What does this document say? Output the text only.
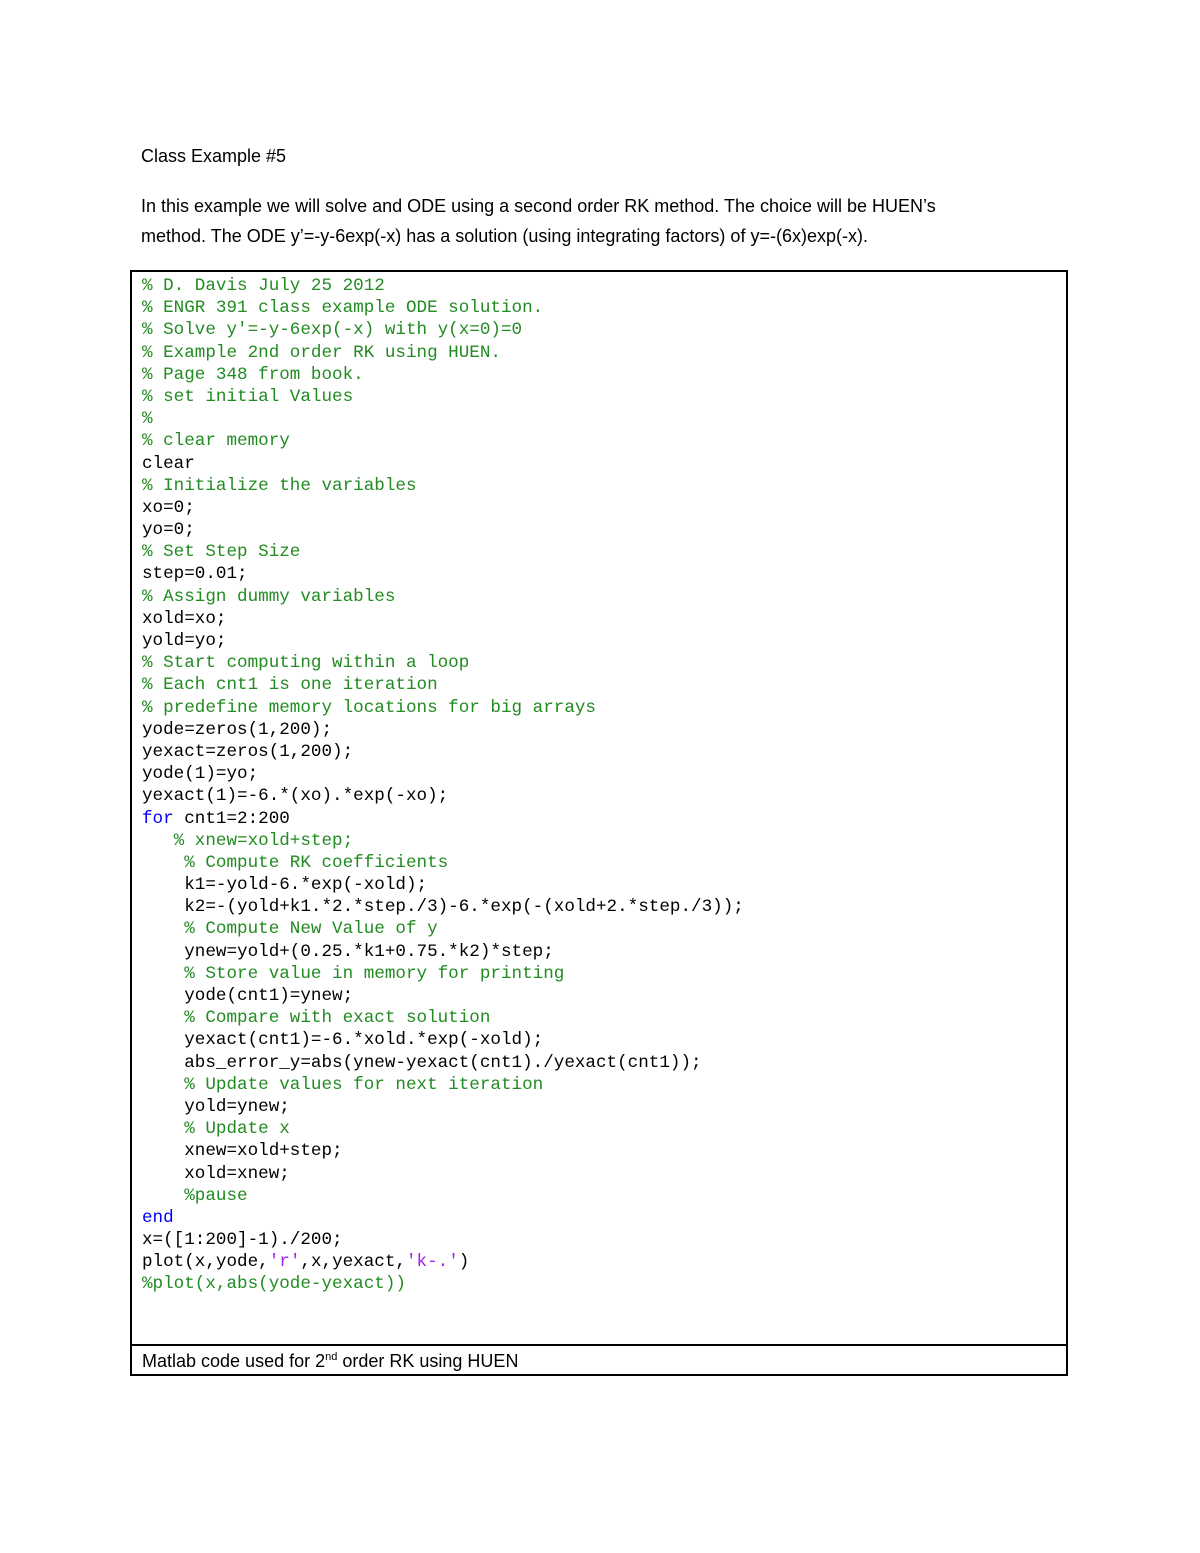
Class Example #5

In this example we will solve and ODE using a second order RK method. The choice will be HUEN’s

method. The ODE y’=-y-6exp(-x) has a solution (using integrating factors) of y=-(6x)exp(-x).

% D. Davis July 25 2012
% ENGR 391 class example ODE solution.
% Solve y'=-y-6exp(-x) with y(x=0)=0
% Example 2nd order RK using HUEN.
% Page 348 from book.
% set initial Values
%
% clear memory
clear
% Initialize the variables
xo=0;
yo=0;
% Set Step Size
step=0.01;
% Assign dummy variables
xold=xo;
yold=yo;
% Start computing within a loop
% Each cnt1 is one iteration
% predefine memory locations for big arrays
yode=zeros(1,200);
yexact=zeros(1,200);
yode(1)=yo;
yexact(1)=-6.*(xo).*exp(-xo);
for cnt1=2:200
% xnew=xold+step;
% Compute RK coefficients
k1=-yold-6.*exp(-xold);
k2=-(yold+k1.*2.*step./3)-6.*exp(-(xold+2.*step./3));
% Compute New Value of y
ynew=yold+(0.25.*k1+0.75.*k2)*step;
% Store value in memory for printing
yode(cnt1)=ynew;
% Compare with exact solution
yexact(cnt1)=-6.*xold.*exp(-xold);
abs_error_y=abs(ynew-yexact(cnt1)./yexact(cnt1));
% Update values for next iteration
yold=ynew;
% Update x
xnew=xold+step;
xold=xnew;
%pause
end
x=([1:200]-1)./200;
plot(x,yode,'r',x,yexact,'k-.')
%plot(x,abs(yode-yexact))
Matlab code used for 2nd order RK using HUEN
